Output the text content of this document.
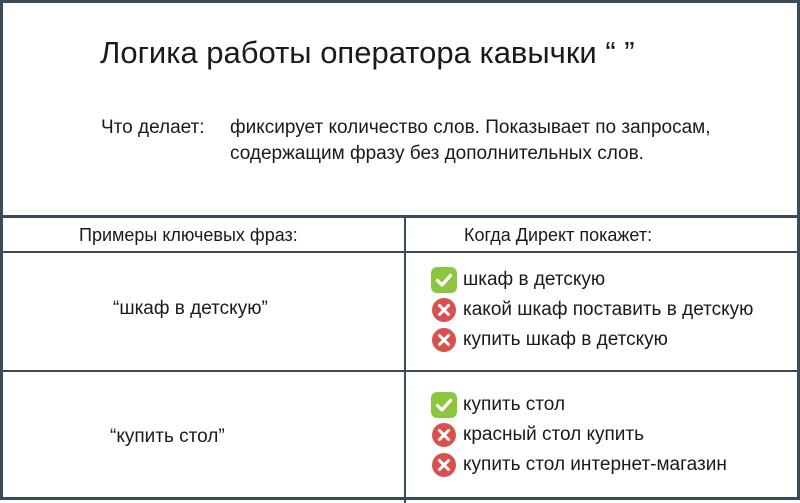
Логика работы оператора кавычки “ ”
Что делает: фиксирует количество слов. Показывает по запросам,
содержащим фразу без дополнительных слов.
Примеры ключевых фраз:	Когда Директ покажет:
“шкаф в детскую”
шкаф в детскую
какой шкаф поставить в детскую
купить шкаф в детскую
“купить стол”
купить стол
красный стол купить
купить стол интернет-магазин
